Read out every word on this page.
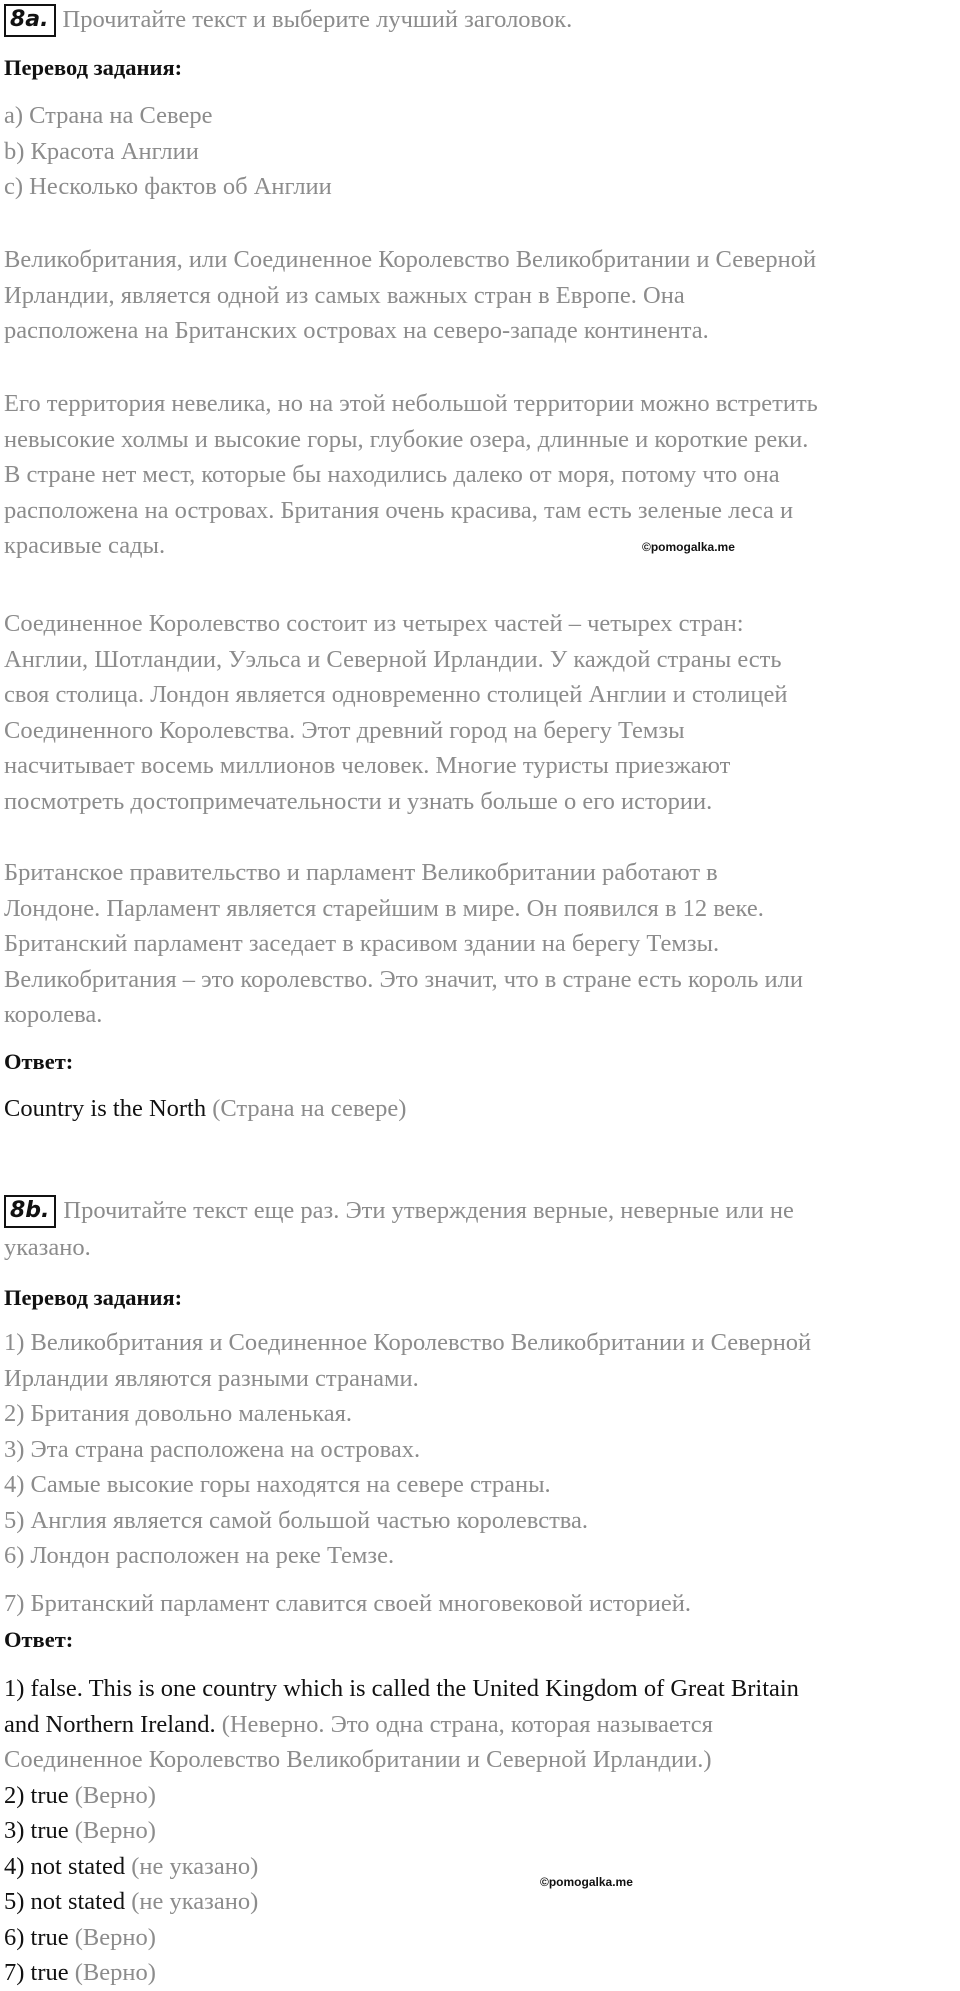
8a. Прочитайте текст и выберите лучший заголовок.
Перевод задания:
a) Страна на Севере
b) Красота Англии
c) Несколько фактов об Англии
Великобритания, или Соединенное Королевство Великобритании и Северной
Ирландии, является одной из самых важных стран в Европе. Она
расположена на Британских островах на северо-западе континента.
Его территория невелика, но на этой небольшой территории можно встретить
невысокие холмы и высокие горы, глубокие озера, длинные и короткие реки.
В стране нет мест, которые бы находились далеко от моря, потому что она
расположена на островах. Британия очень красива, там есть зеленые леса и
красивые сады.
Соединенное Королевство состоит из четырех частей – четырех стран:
Англии, Шотландии, Уэльса и Северной Ирландии. У каждой страны есть
своя столица. Лондон является одновременно столицей Англии и столицей
Соединенного Королевства. Этот древний город на берегу Темзы
насчитывает восемь миллионов человек. Многие туристы приезжают
посмотреть достопримечательности и узнать больше о его истории.
Британское правительство и парламент Великобритании работают в
Лондоне. Парламент является старейшим в мире. Он появился в 12 веке.
Британский парламент заседает в красивом здании на берегу Темзы.
Великобритания – это королевство. Это значит, что в стране есть король или
королева.
Ответ:
Country is the North (Страна на севере)
8b. Прочитайте текст еще раз. Эти утверждения верные, неверные или не
указано.
Перевод задания:
1) Великобритания и Соединенное Королевство Великобритании и Северной
Ирландии являются разными странами.
2) Британия довольно маленькая.
3) Эта страна расположена на островах.
4) Самые высокие горы находятся на севере страны.
5) Англия является самой большой частью королевства.
6) Лондон расположен на реке Темзе.
7) Британский парламент славится своей многовековой историей.
Ответ:
1) false. This is one country which is called the United Kingdom of Great Britain
and Northern Ireland. (Неверно. Это одна страна, которая называется
Соединенное Королевство Великобритании и Северной Ирландии.)
2) true (Верно)
3) true (Верно)
4) not stated (не указано)
5) not stated (не указано)
6) true (Верно)
7) true (Верно)
©pomogalka.me
©pomogalka.me
